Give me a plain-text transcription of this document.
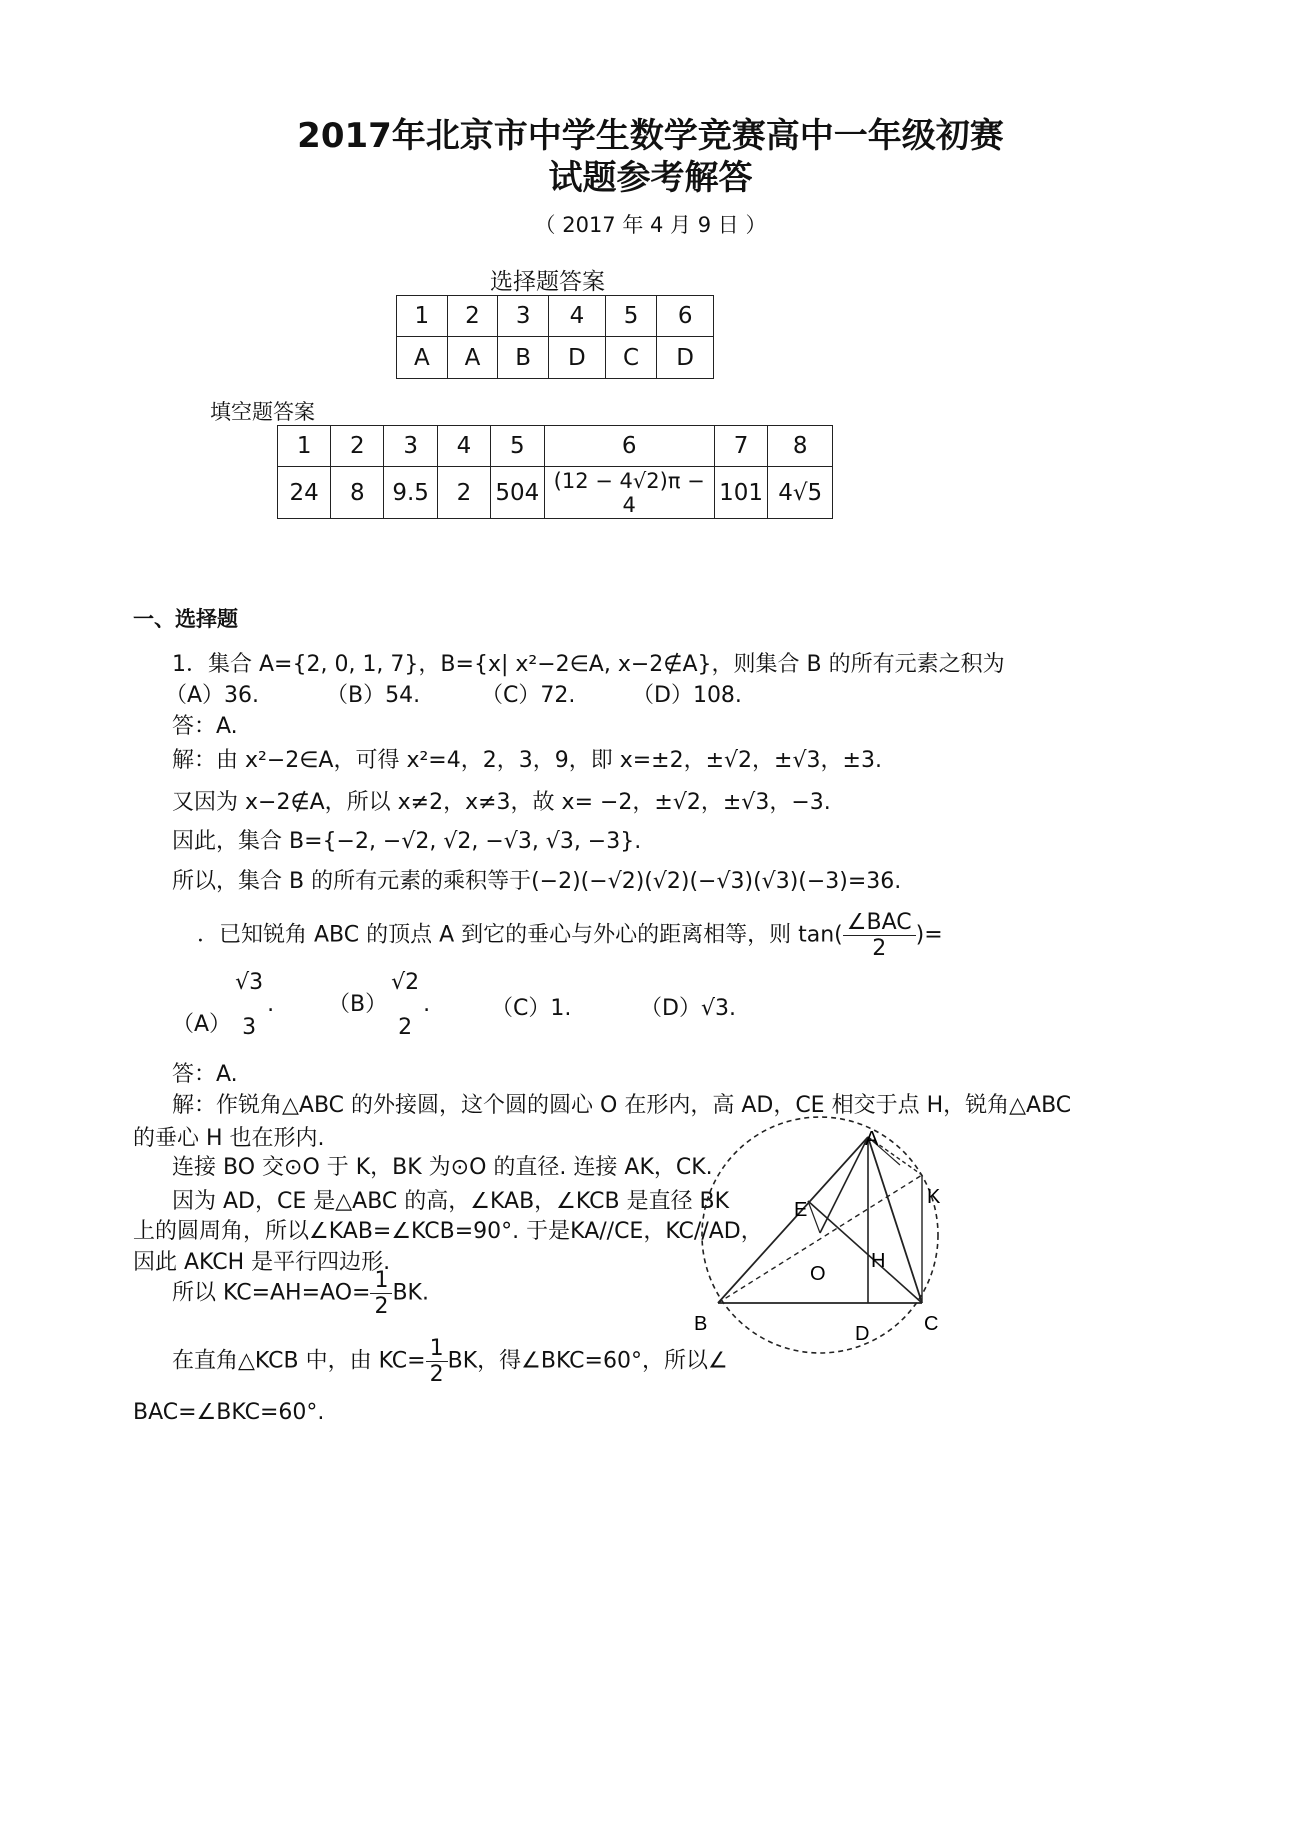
2017年北京市中学生数学竞赛高中一年级初赛
试题参考解答
（ 2017 年 4 月 9 日 ）
选择题答案
1	2	3	4	5	6
A	A	B	D	C	D
填空题答案
1	2	3	4	5	6	7	8
24	8	9.5	2	504	(12 − 4√2)π − 4	101	4√5
一、选择题
1．集合 A={2, 0, 1, 7}，B={x| x²−2∈A, x−2∉A}，则集合 B 的所有元素之积为
（A）36.	（B）54.	（C）72.	（D）108.
答：A.
解：由 x²−2∈A，可得 x²=4，2，3，9，即 x=±2，±√2，±√3，±3.
又因为 x−2∉A，所以 x≠2，x≠3，故 x= −2，±√2，±√3，−3.
因此，集合 B={−2, −√2, √2, −√3, √3, −3}.
所以，集合 B 的所有元素的乘积等于(−2)(−√2)(√2)(−√3)(√3)(−3)=36.
．已知锐角 ABC 的顶点 A 到它的垂心与外心的距离相等，则 $\tan( \frac{\text{∠BAC}}{2}$ )=
（A）
√3
3
. （B）
√2
2
.	（C）1.	（D）√3.
答：A.
解：作锐角△ABC 的外接圆，这个圆的圆心 O 在形内，高 AD，CE 相交于点 H，锐角△ABC
的垂心 H 也在形内.
连接 BO 交⊙O 于 K，BK 为⊙O 的直径. 连接 AK，CK.
因为 AD，CE 是△ABC 的高，∠KAB，∠KCB 是直径 BK
上的圆周角，所以∠KAB=∠KCB=90°. 于是KA//CE，KC//AD，
因此 AKCH 是平行四边形.
所以 $KC=AH=AO= \frac{1}{2}$ BK.
在直角△KCB 中，由 $KC= \frac{1}{2}$ BK，得∠BKC=60°，所以∠
BAC=∠BKC=60°.
A
B	C
D
E
H
K
O
